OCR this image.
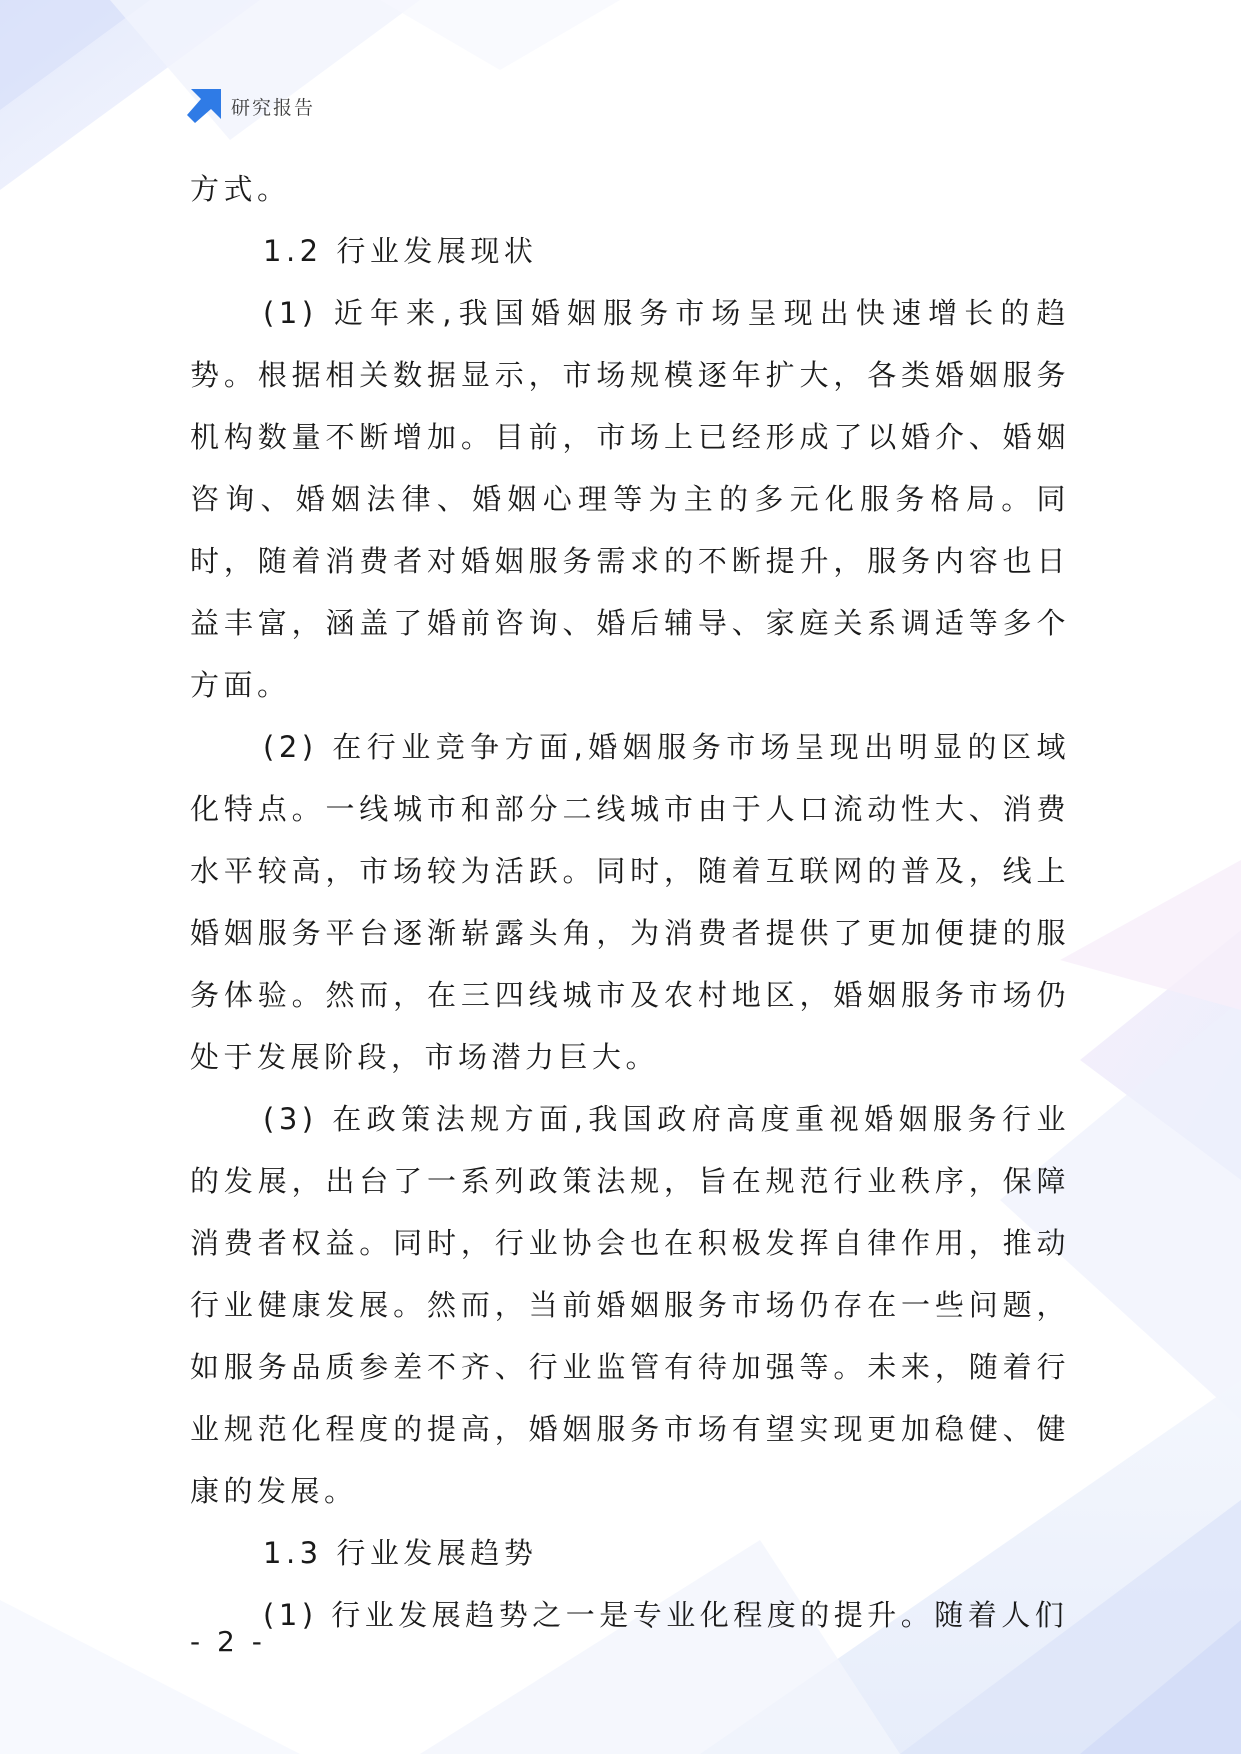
研究报告

方式。

1.2 行业发展现状

(1) 近年来,我国婚姻服务市场呈现出快速增长的趋势。根据相关数据显示，市场规模逐年扩大，各类婚姻服务机构数量不断增加。目前，市场上已经形成了以婚介、婚姻咨询、婚姻法律、婚姻心理等为主的多元化服务格局。同时，随着消费者对婚姻服务需求的不断提升，服务内容也日益丰富，涵盖了婚前咨询、婚后辅导、家庭关系调适等多个方面。

(2) 在行业竞争方面,婚姻服务市场呈现出明显的区域化特点。一线城市和部分二线城市由于人口流动性大、消费水平较高，市场较为活跃。同时，随着互联网的普及，线上婚姻服务平台逐渐崭露头角，为消费者提供了更加便捷的服务体验。然而，在三四线城市及农村地区，婚姻服务市场仍处于发展阶段，市场潜力巨大。

(3) 在政策法规方面,我国政府高度重视婚姻服务行业的发展，出台了一系列政策法规，旨在规范行业秩序，保障消费者权益。同时，行业协会也在积极发挥自律作用，推动行业健康发展。然而，当前婚姻服务市场仍存在一些问题，如服务品质参差不齐、行业监管有待加强等。未来，随着行业规范化程度的提高，婚姻服务市场有望实现更加稳健、健康的发展。

1.3 行业发展趋势

(1) 行业发展趋势之一是专业化程度的提升。随着人们

- 2 -
